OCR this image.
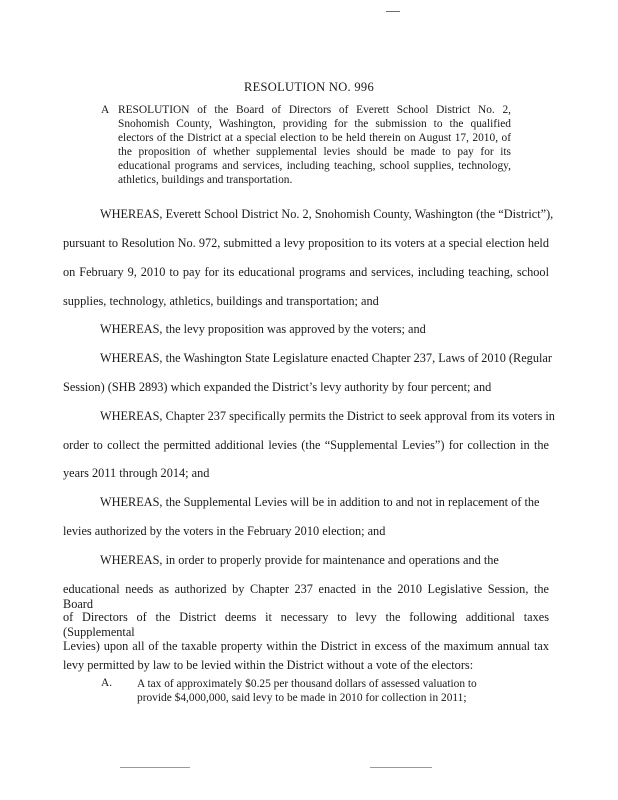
RESOLUTION NO. 996
A RESOLUTION of the Board of Directors of Everett School District No. 2, Snohomish County, Washington, providing for the submission to the qualified electors of the District at a special election to be held therein on August 17, 2010, of the proposition of whether supplemental levies should be made to pay for its educational programs and services, including teaching, school supplies, technology, athletics, buildings and transportation.
WHEREAS, Everett School District No. 2, Snohomish County, Washington (the “District”),
pursuant to Resolution No. 972, submitted a levy proposition to its voters at a special election held
on February 9, 2010 to pay for its educational programs and services, including teaching, school
supplies, technology, athletics, buildings and transportation; and
WHEREAS, the levy proposition was approved by the voters; and
WHEREAS, the Washington State Legislature enacted Chapter 237, Laws of 2010 (Regular
Session) (SHB 2893) which expanded the District’s levy authority by four percent; and
WHEREAS, Chapter 237 specifically permits the District to seek approval from its voters in
order to collect the permitted additional levies (the “Supplemental Levies”) for collection in the
years 2011 through 2014; and
WHEREAS, the Supplemental Levies will be in addition to and not in replacement of the
levies authorized by the voters in the February 2010 election; and
WHEREAS, in order to properly provide for maintenance and operations and the
educational needs as authorized by Chapter 237 enacted in the 2010 Legislative Session, the Board
of Directors of the District deems it necessary to levy the following additional taxes (Supplemental
Levies) upon all of the taxable property within the District in excess of the maximum annual tax
levy permitted by law to be levied within the District without a vote of the electors:
A. A tax of approximately $0.25 per thousand dollars of assessed valuation to provide $4,000,000, said levy to be made in 2010 for collection in 2011;
